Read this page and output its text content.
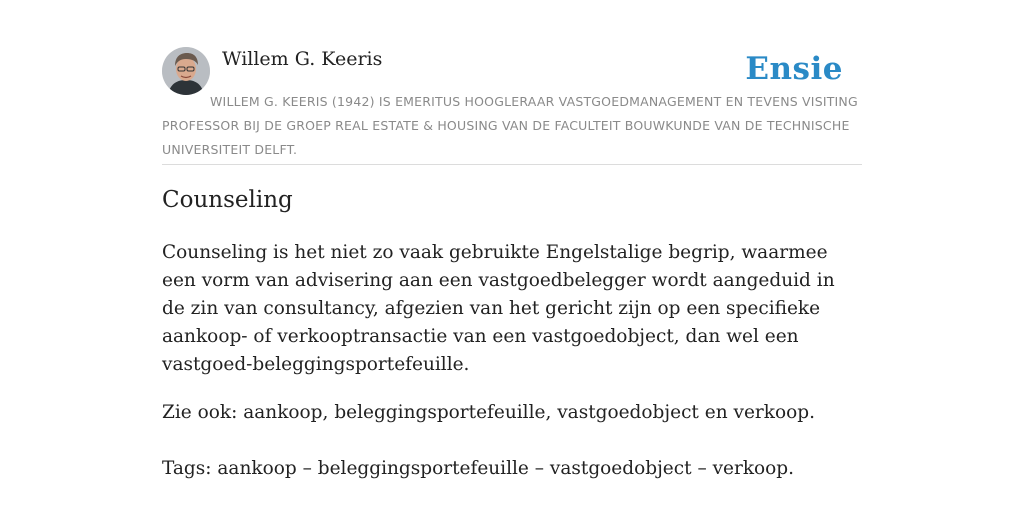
Willem G. Keeris	Ensie

WILLEM G. KEERIS (1942) IS EMERITUS HOOGLERAAR VASTGOEDMANAGEMENT EN TEVENS VISITING PROFESSOR BIJ DE GROEP REAL ESTATE & HOUSING VAN DE FACULTEIT BOUWKUNDE VAN DE TECHNISCHE UNIVERSITEIT DELFT.

Counseling

Counseling is het niet zo vaak gebruikte Engelstalige begrip, waarmee een vorm van advisering aan een vastgoedbelegger wordt aangeduid in de zin van consultancy, afgezien van het gericht zijn op een specifieke aankoop- of verkooptransactie van een vastgoedobject, dan wel een vastgoed-beleggingsportefeuille.

Zie ook: aankoop, beleggingsportefeuille, vastgoedobject en verkoop.
Tags: aankoop – beleggingsportefeuille – vastgoedobject – verkoop.
